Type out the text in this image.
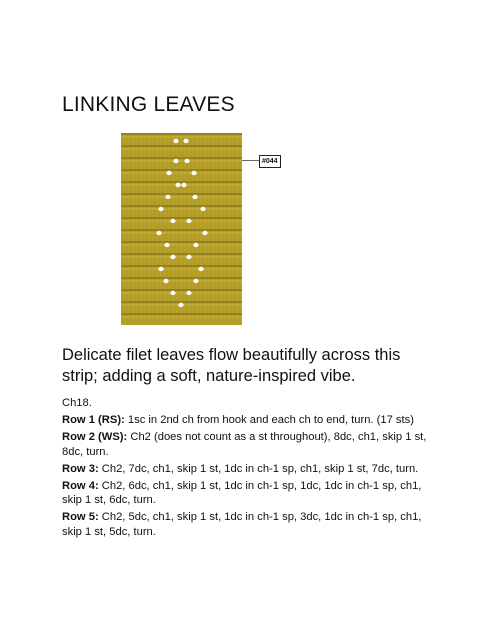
LINKING LEAVES
#044

Delicate filet leaves flow beautifully across this strip; adding a soft, nature-inspired vibe.

Ch18.

Row 1 (RS): 1sc in 2nd ch from hook and each ch to end, turn. (17 sts)

Row 2 (WS): Ch2 (does not count as a st throughout), 8dc, ch1, skip 1 st, 8dc, turn.

Row 3: Ch2, 7dc, ch1, skip 1 st, 1dc in ch-1 sp, ch1, skip 1 st, 7dc, turn.

Row 4: Ch2, 6dc, ch1, skip 1 st, 1dc in ch-1 sp, 1dc, 1dc in ch-1 sp, ch1, skip 1 st, 6dc, turn.

Row 5: Ch2, 5dc, ch1, skip 1 st, 1dc in ch-1 sp, 3dc, 1dc in ch-1 sp, ch1, skip 1 st, 5dc, turn.
